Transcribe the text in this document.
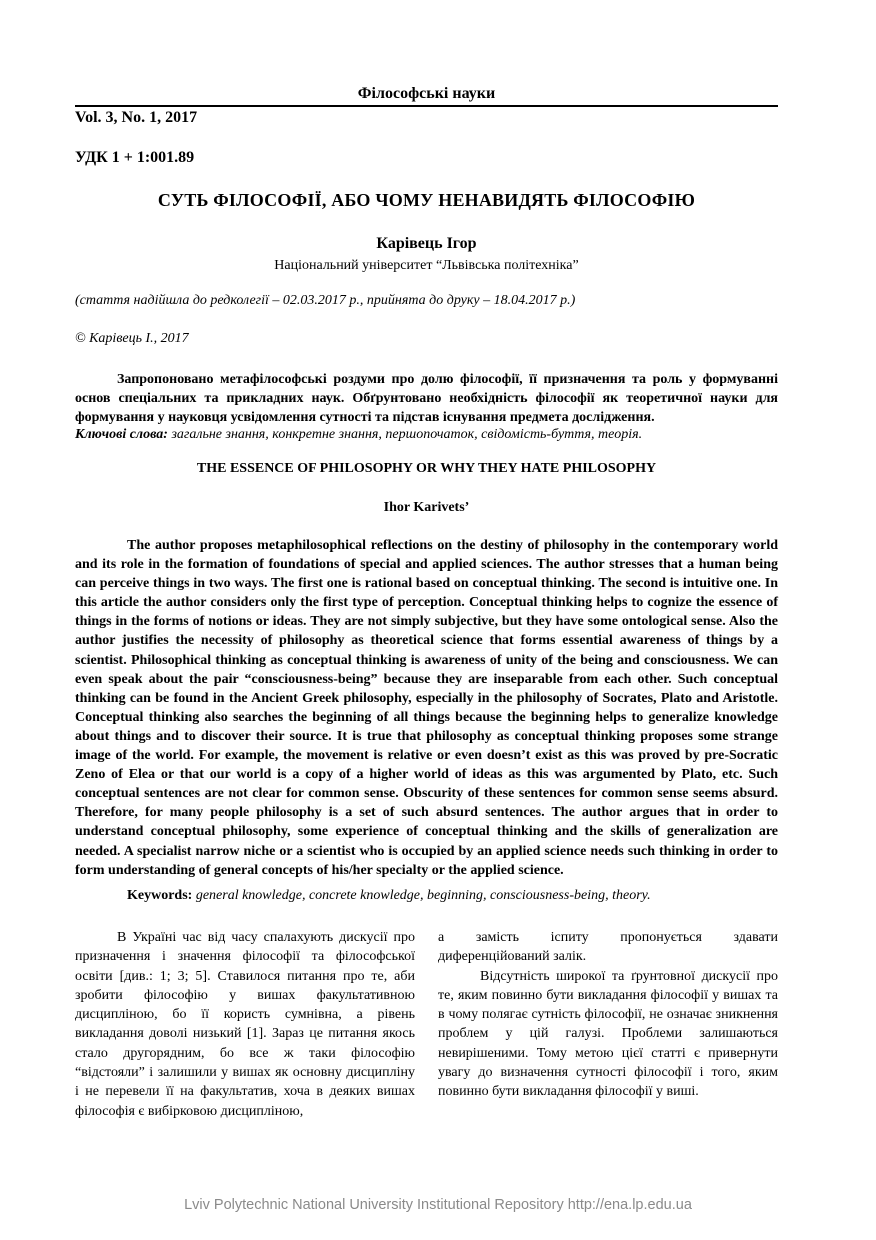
Філософські науки
Vol. 3, No. 1, 2017
УДК 1 + 1:001.89
СУТЬ ФІЛОСОФІЇ, АБО ЧОМУ НЕНАВИДЯТЬ ФІЛОСОФІЮ
Карівець Ігор
Національний університет “Львівська політехніка”
(стаття надійшла до редколегії – 02.03.2017 р., прийнята до друку – 18.04.2017 р.)
© Карівець І., 2017

Запропоновано метафілософські роздуми про долю філософії, її призначення та роль у формуванні основ спеціальних та прикладних наук. Обґрунтовано необхідність філософії як теоретичної науки для формування у науковця усвідомлення сутності та підстав існування предмета дослідження.

Ключові слова: загальне знання, конкретне знання, першопочаток, свідомість-буття, теорія.
THE ESSENCE OF PHILOSOPHY OR WHY THEY HATE PHILOSOPHY
Ihor Karivets’

The author proposes metaphilosophical reflections on the destiny of philosophy in the contemporary world and its role in the formation of foundations of special and applied sciences. The author stresses that a human being can perceive things in two ways. The first one is rational based on conceptual thinking. The second is intuitive one. In this article the author considers only the first type of perception. Conceptual thinking helps to cognize the essence of things in the forms of notions or ideas. They are not simply subjective, but they have some ontological sense. Also the author justifies the necessity of philosophy as theoretical science that forms essential awareness of things by a scientist. Philosophical thinking as conceptual thinking is awareness of unity of the being and consciousness. We can even speak about the pair “consciousness-being” because they are inseparable from each other. Such conceptual thinking can be found in the Ancient Greek philosophy, especially in the philosophy of Socrates, Plato and Aristotle. Conceptual thinking also searches the beginning of all things because the beginning helps to generalize knowledge about things and to discover their source. It is true that philosophy as conceptual thinking proposes some strange image of the world. For example, the movement is relative or even doesn’t exist as this was proved by pre-Socratic Zeno of Elea or that our world is a copy of a higher world of ideas as this was argumented by Plato, etc. Such conceptual sentences are not clear for common sense. Obscurity of these sentences for common sense seems absurd. Therefore, for many people philosophy is a set of such absurd sentences. The author argues that in order to understand conceptual philosophy, some experience of conceptual thinking and the skills of generalization are needed. A specialist narrow niche or a scientist who is occupied by an applied science needs such thinking in order to form understanding of general concepts of his/her specialty or the applied science.

Keywords: general knowledge, concrete knowledge, beginning, consciousness-being, theory.

В Україні час від часу спалахують дискусії про призначення і значення філософії та філософської освіти [див.: 1; 3; 5]. Ставилося питання про те, аби зробити філософію у вишах факультативною дисципліною, бо її користь сумнівна, а рівень викладання доволі низький [1]. Зараз це питання якось стало другорядним, бо все ж таки філософію “відстояли” і залишили у вишах як основну дисципліну і не перевели її на факультатив, хоча в деяких вишах філософія є вибірковою дисципліною,

а замість іспиту пропонується здавати диференційований залік.

Відсутність широкої та ґрунтовної дискусії про те, яким повинно бути викладання філософії у вишах та в чому полягає сутність філософії, не означає зникнення проблем у цій галузі. Проблеми залишаються невирішеними. Тому метою цієї статті є привернути увагу до визначення сутності філософії і того, яким повинно бути викладання філософії у виші.

Lviv Polytechnic National University Institutional Repository http://ena.lp.edu.ua
